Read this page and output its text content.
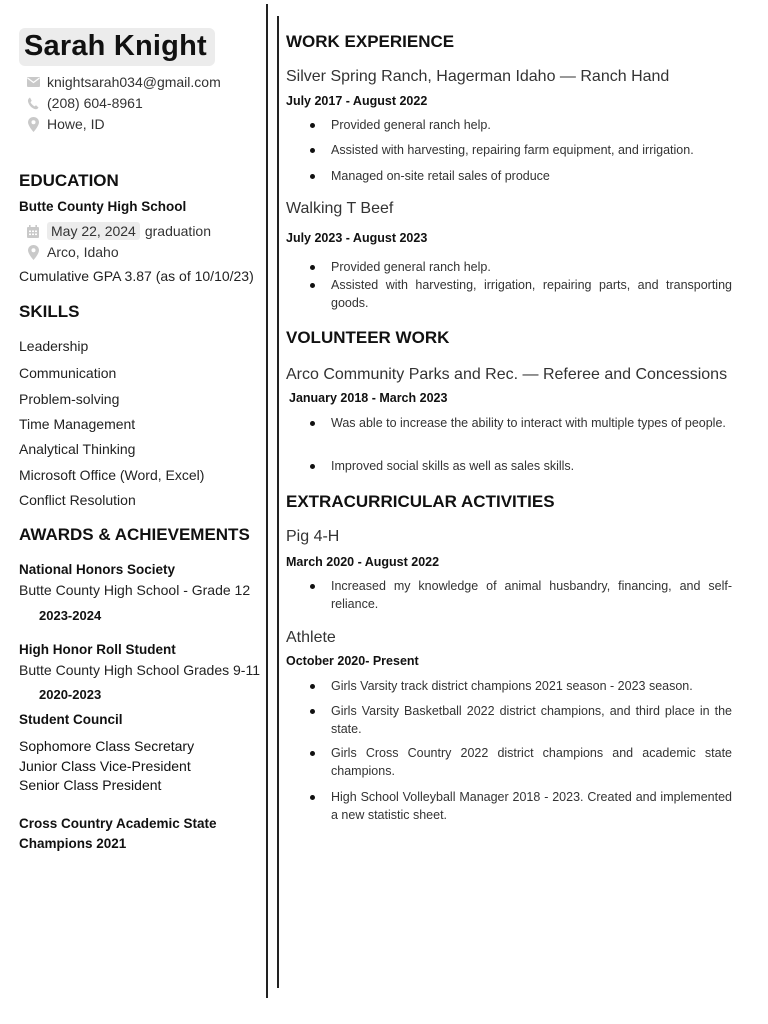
Sarah Knight
knightsarah034@gmail.com
(208) 604-8961
Howe, ID
EDUCATION
Butte County High School
May 22, 2024 graduation
Arco, Idaho
Cumulative GPA 3.87 (as of 10/10/23)
SKILLS
Leadership
Communication
Problem-solving
Time Management
Analytical Thinking
Microsoft Office (Word, Excel)
Conflict Resolution
AWARDS & ACHIEVEMENTS
National Honors Society
Butte County High School - Grade 12
2023-2024
High Honor Roll Student
Butte County High School Grades 9-11
2020-2023
Student Council
Sophomore Class Secretary
Junior Class Vice-President
Senior Class President
Cross Country Academic State
Champions 2021
WORK EXPERIENCE
Silver Spring Ranch, Hagerman Idaho — Ranch Hand
July 2017 - August 2022
Provided general ranch help.
Assisted with harvesting, repairing farm equipment, and irrigation.
Managed on-site retail sales of produce
Walking T Beef
July 2023 - August 2023
Provided general ranch help.
Assisted with harvesting, irrigation, repairing parts, and transporting goods.
VOLUNTEER WORK
Arco Community Parks and Rec. — Referee and Concessions
January 2018 - March 2023
Was able to increase the ability to interact with multiple types of people.
Improved social skills as well as sales skills.
EXTRACURRICULAR ACTIVITIES
Pig 4-H
March 2020 - August 2022
Increased my knowledge of animal husbandry, financing, and self-reliance.
Athlete
October 2020- Present
Girls Varsity track district champions 2021 season - 2023 season.
Girls Varsity Basketball 2022 district champions, and third place in the state.
Girls Cross Country 2022 district champions and academic state champions.
High School Volleyball Manager 2018 - 2023. Created and implemented a new statistic sheet.
